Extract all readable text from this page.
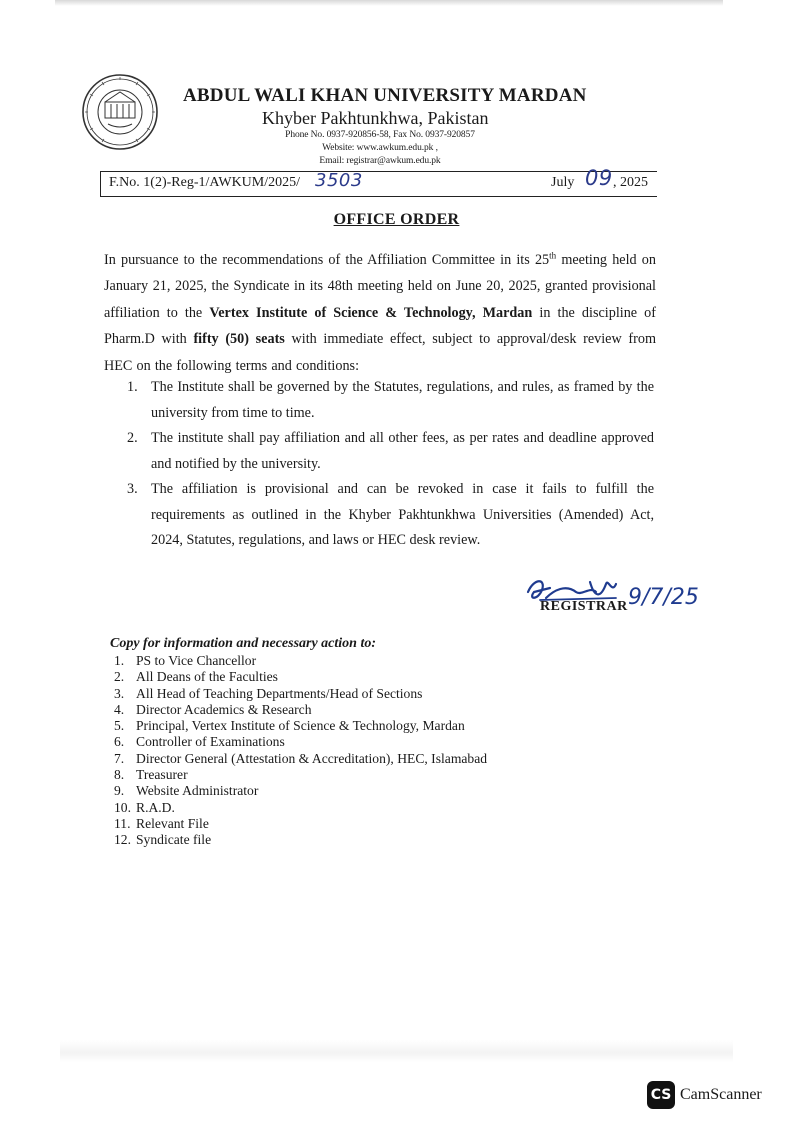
ABDUL WALI KHAN UNIVERSITY MARDAN
Khyber Pakhtunkhwa, Pakistan
Phone No. 0937-920856-58, Fax No. 0937-920857
Website: www.awkum.edu.pk ,
Email: registrar@awkum.edu.pk
F.No. 1(2)-Reg-1/AWKUM/2025/ 3503	July 09 , 2025
OFFICE ORDER
In pursuance to the recommendations of the Affiliation Committee in its 25th meeting held on January 21, 2025, the Syndicate in its 48th meeting held on June 20, 2025, granted provisional affiliation to the Vertex Institute of Science & Technology, Mardan in the discipline of Pharm.D with fifty (50) seats with immediate effect, subject to approval/desk review from HEC on the following terms and conditions:
1. The Institute shall be governed by the Statutes, regulations, and rules, as framed by the university from time to time.
2. The institute shall pay affiliation and all other fees, as per rates and deadline approved and notified by the university.
3. The affiliation is provisional and can be revoked in case it fails to fulfill the requirements as outlined in the Khyber Pakhtunkhwa Universities (Amended) Act, 2024, Statutes, regulations, and laws or HEC desk review.
9/7/25
REGISTRAR
Copy for information and necessary action to:
1. PS to Vice Chancellor
2. All Deans of the Faculties
3. All Head of Teaching Departments/Head of Sections
4. Director Academics & Research
5. Principal, Vertex Institute of Science & Technology, Mardan
6. Controller of Examinations
7. Director General (Attestation & Accreditation), HEC, Islamabad
8. Treasurer
9. Website Administrator
10. R.A.D.
11. Relevant File
12. Syndicate file
CS CamScanner
